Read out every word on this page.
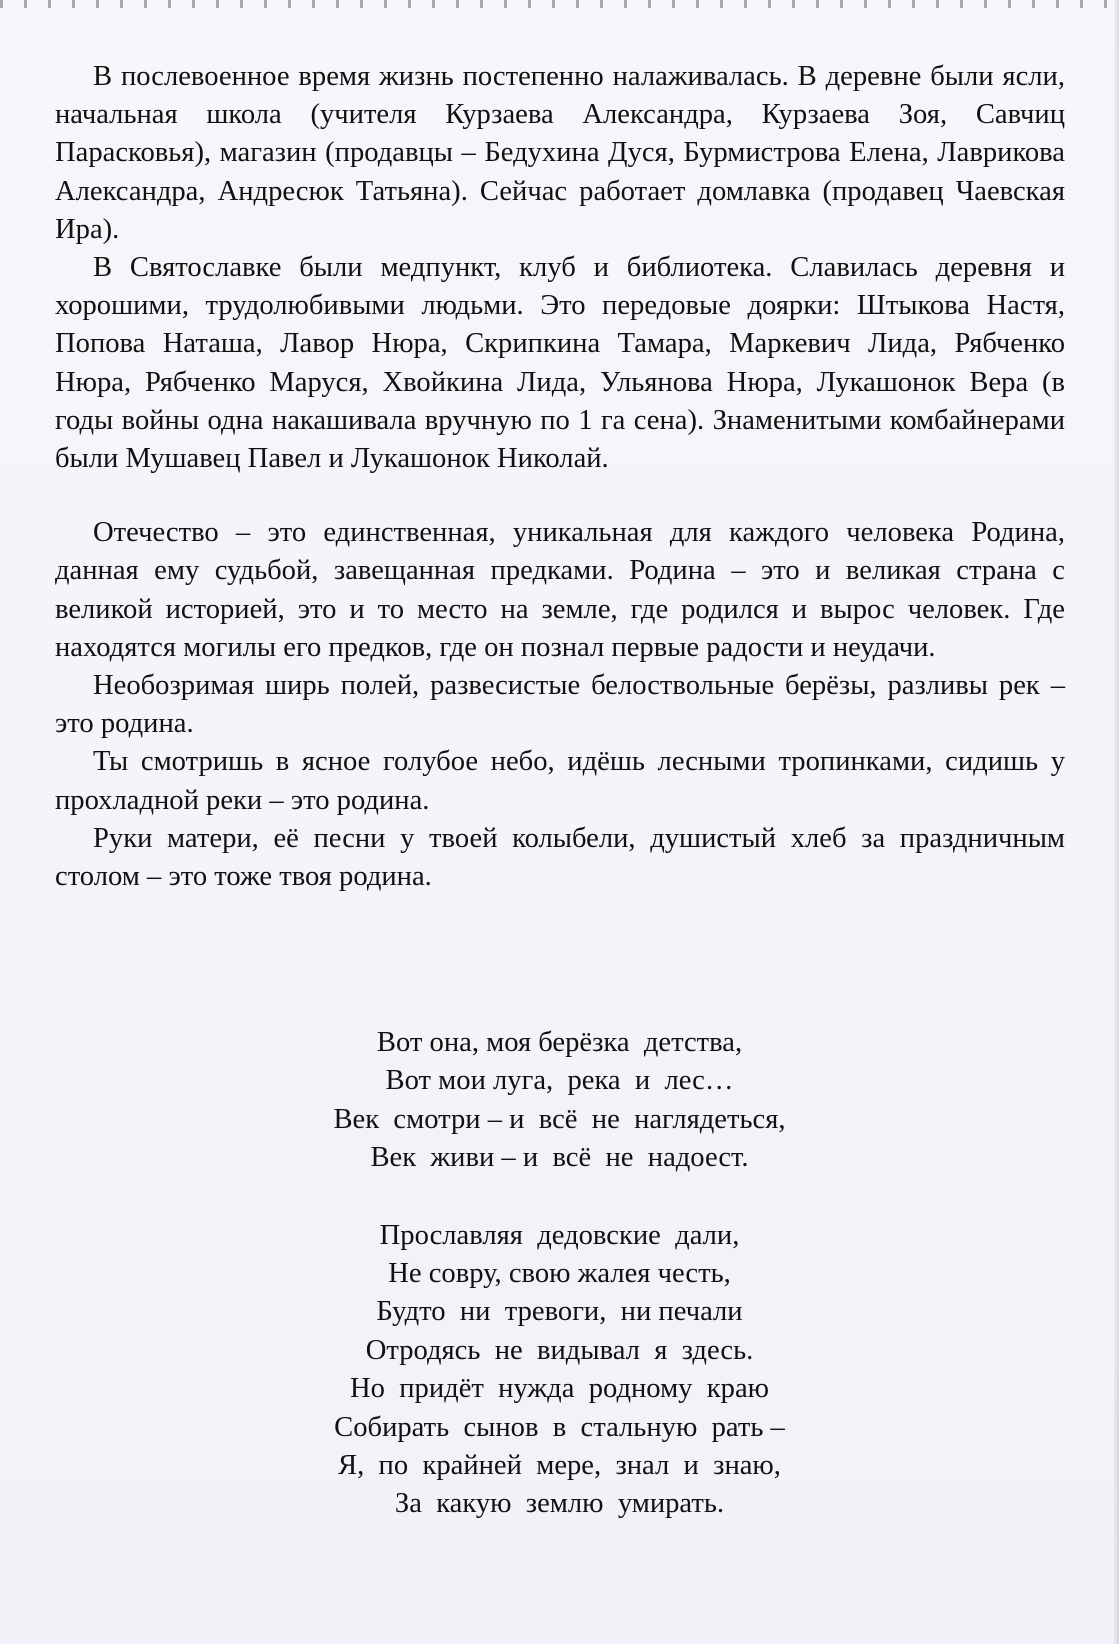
В послевоенное время жизнь постепенно налаживалась. В деревне были ясли, начальная школа (учителя Курзаева Александра, Курзаева Зоя, Савчиц Парасковья), магазин (продавцы – Бедухина Дуся, Бурмистрова Елена, Лаврикова Александра, Андресюк Татьяна). Сейчас работает домлавка (продавец Чаевская Ира).

В Святославке были медпункт, клуб и библиотека. Славилась деревня и хорошими, трудолюбивыми людьми. Это передовые доярки: Штыкова Настя, Попова Наташа, Лавор Нюра, Скрипкина Тамара, Маркевич Лида, Рябченко Нюра, Рябченко Маруся, Хвойкина Лида, Ульянова Нюра, Лукашонок Вера (в годы войны одна накашивала вручную по 1 га сена). Знаменитыми комбайнерами были Мушавец Павел и Лукашонок Николай.

Отечество – это единственная, уникальная для каждого человека Родина, данная ему судьбой, завещанная предками. Родина – это и великая страна с великой историей, это и то место на земле, где родился и вырос человек. Где находятся могилы его предков, где он познал первые радости и неудачи.

Необозримая ширь полей, развесистые белоствольные берёзы, разливы рек – это родина.

Ты смотришь в ясное голубое небо, идёшь лесными тропинками, сидишь у прохладной реки – это родина.

Руки матери, её песни у твоей колыбели, душистый хлеб за праздничным столом – это тоже твоя родина.

Вот она, моя берёзка  детства,
Вот мои луга,  река  и  лес…
Век  смотри – и  всё  не  наглядеться,
Век  живи – и  всё  не  надоест.
Прославляя  дедовские  дали,
Не совру, свою жалея честь,
Будто  ни  тревоги,  ни печали
Отродясь  не  видывал  я  здесь.
Но  придёт  нужда  родному  краю
Собирать  сынов  в  стальную  рать –
Я,  по  крайней  мере,  знал  и  знаю,
За  какую  землю  умирать.
